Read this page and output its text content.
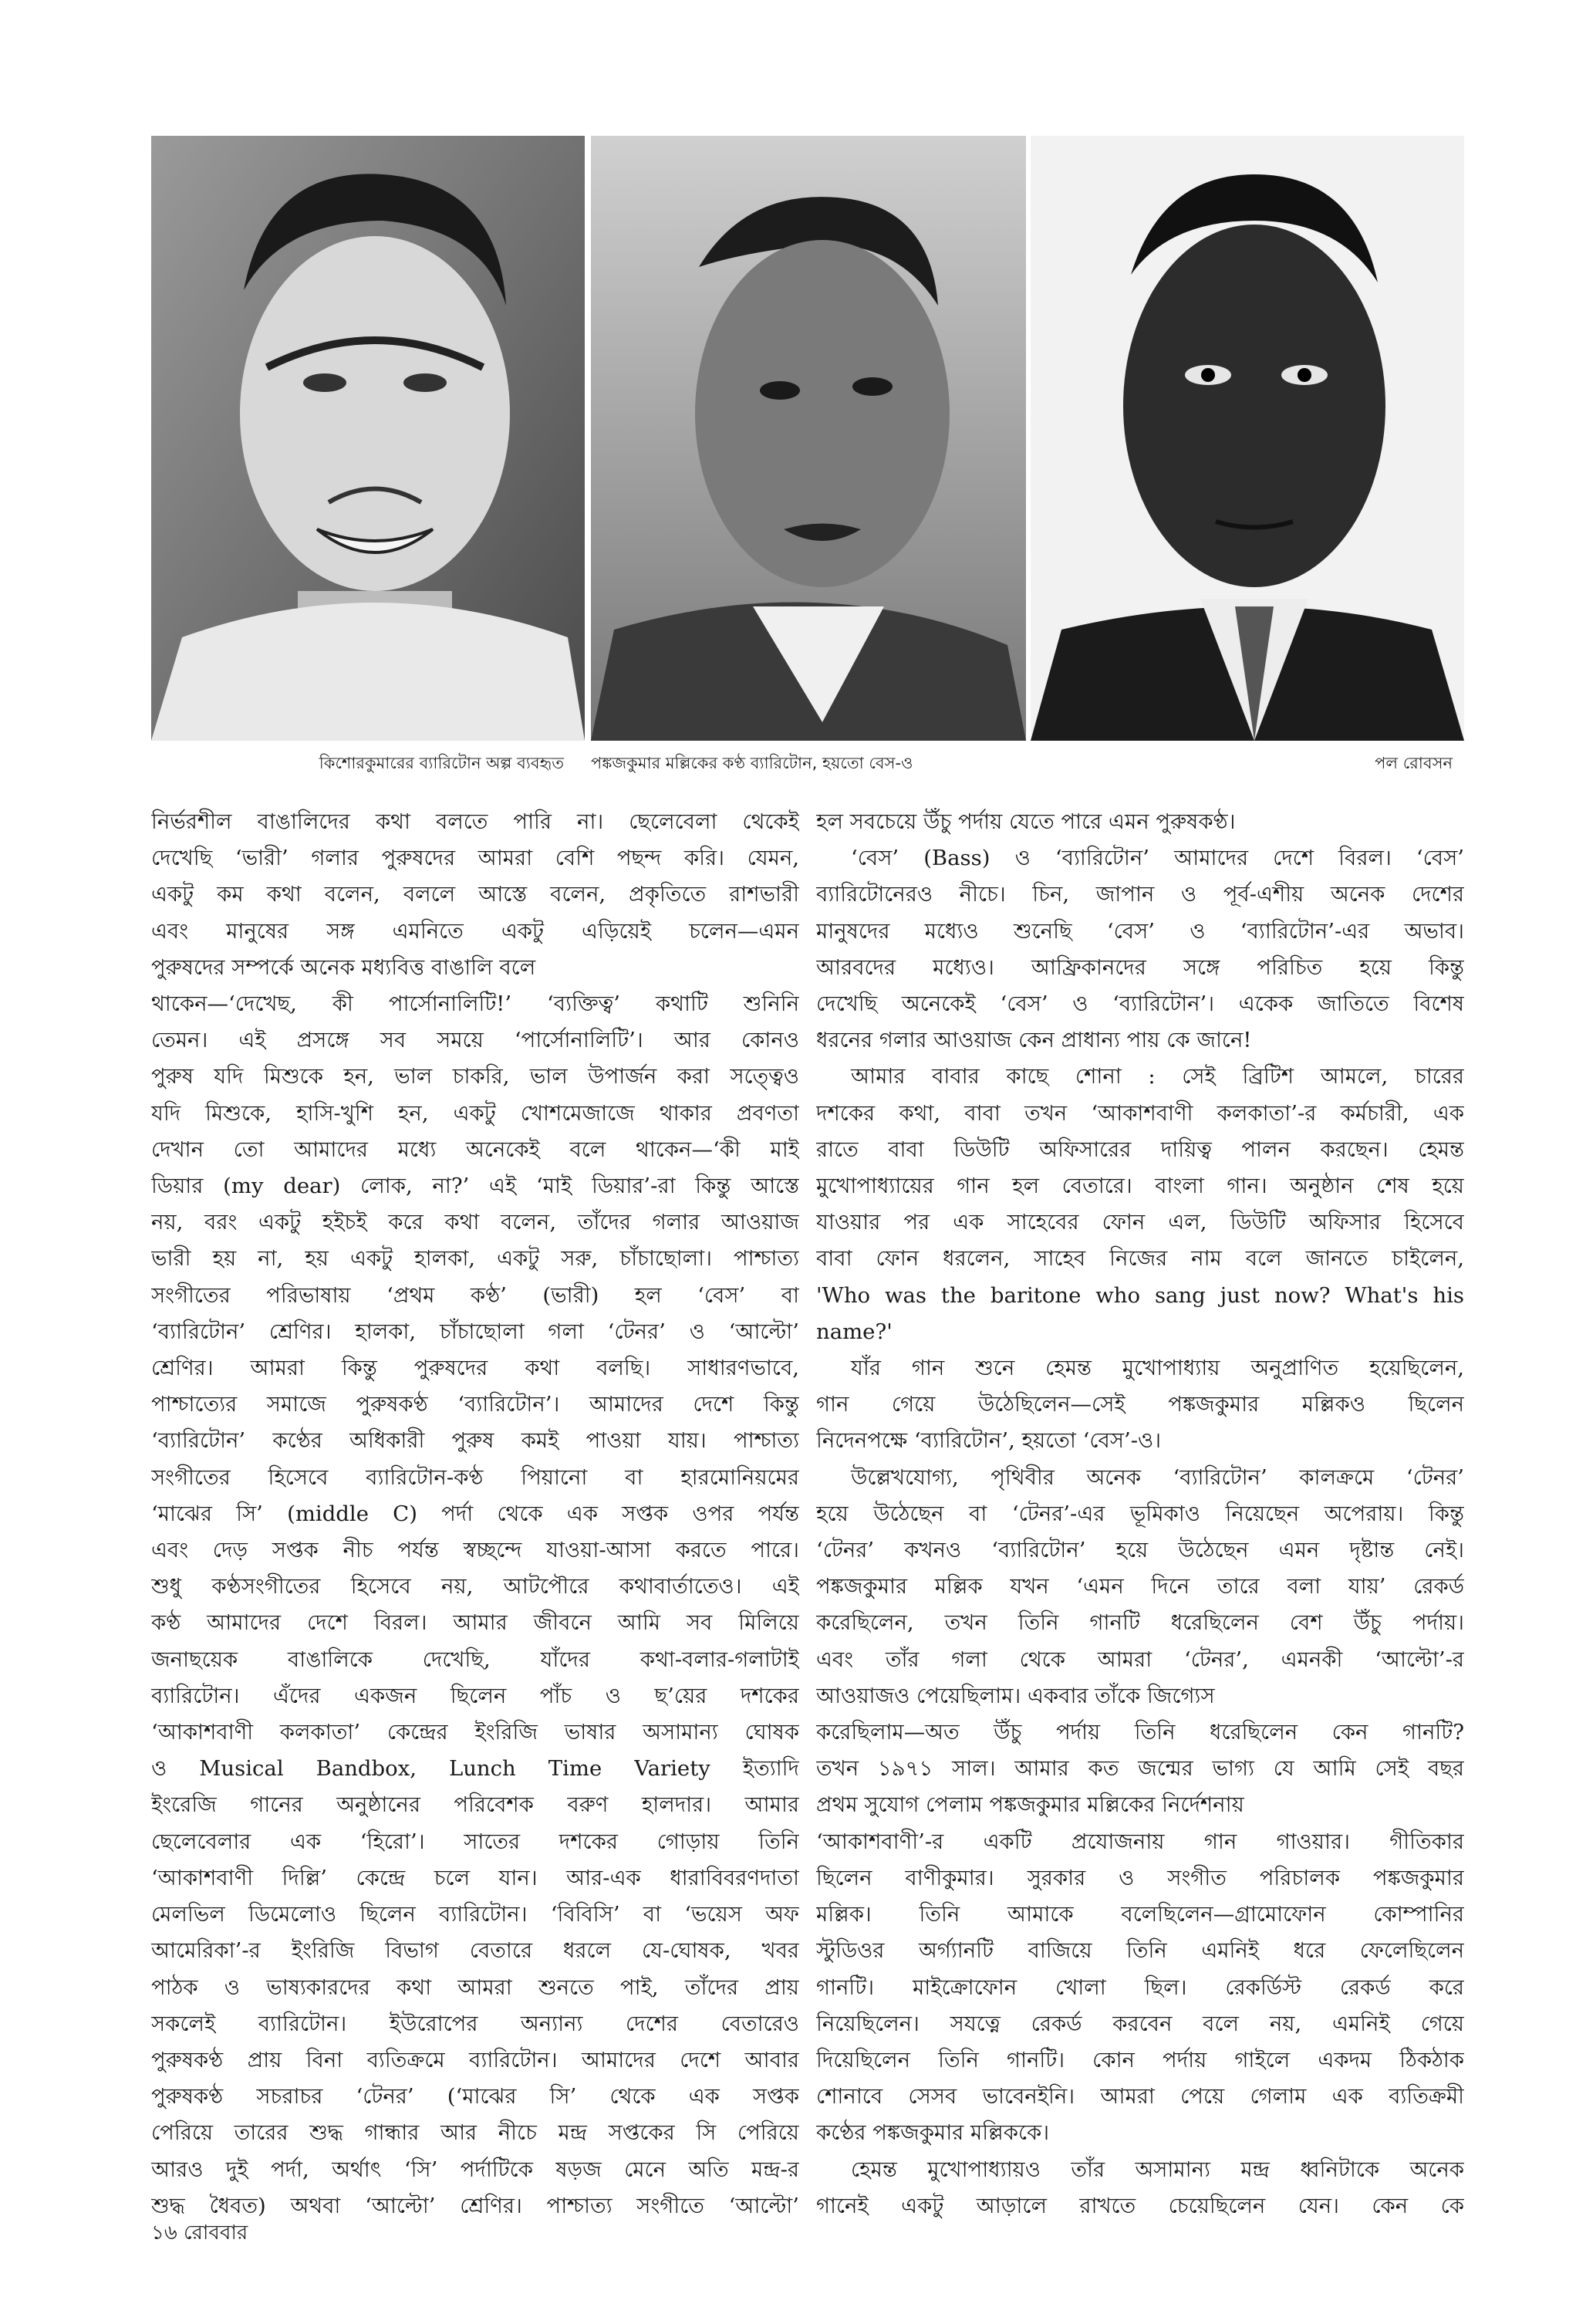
কিশোরকুমারের ব্যারিটোন অল্প ব্যবহৃত পঙ্কজকুমার মল্লিকের কণ্ঠ ব্যারিটোন, হয়তো বেস-ও	পল রোবসন

নির্ভরশীল বাঙালিদের কথা বলতে পারি না। ছেলেবেলা থেকেই

দেখেছি ‘ভারী’ গলার পুরুষদের আমরা বেশি পছন্দ করি। যেমন,

একটু কম কথা বলেন, বললে আস্তে বলেন, প্রকৃতিতে রাশভারী

এবং মানুষের সঙ্গ এমনিতে একটু এড়িয়েই চলেন—এমন

পুরুষদের সম্পর্কে অনেক মধ্যবিত্ত বাঙালি বলে

থাকেন—‘দেখেছ, কী পার্সোনালিটি!’ ‘ব্যক্তিত্ব’ কথাটি শুনিনি

তেমন। এই প্রসঙ্গে সব সময়ে ‘পার্সোনালিটি’। আর কোনও

পুরুষ যদি মিশুকে হন, ভাল চাকরি, ভাল উপার্জন করা সত্ত্বেও

যদি মিশুকে, হাসি-খুশি হন, একটু খোশমেজাজে থাকার প্রবণতা

দেখান তো আমাদের মধ্যে অনেকেই বলে থাকেন—‘কী মাই

ডিয়ার (my dear) লোক, না?’ এই ‘মাই ডিয়ার’-রা কিন্তু আস্তে

নয়, বরং একটু হইচই করে কথা বলেন, তাঁদের গলার আওয়াজ

ভারী হয় না, হয় একটু হালকা, একটু সরু, চাঁচাছোলা। পাশ্চাত্য

সংগীতের পরিভাষায় ‘প্রথম কণ্ঠ’ (ভারী) হল ‘বেস’ বা

‘ব্যারিটোন’ শ্রেণির। হালকা, চাঁচাছোলা গলা ‘টেনর’ ও ‘আল্টো’

শ্রেণির। আমরা কিন্তু পুরুষদের কথা বলছি। সাধারণভাবে,

পাশ্চাত্যের সমাজে পুরুষকণ্ঠ ‘ব্যারিটোন’। আমাদের দেশে কিন্তু

‘ব্যারিটোন’ কণ্ঠের অধিকারী পুরুষ কমই পাওয়া যায়। পাশ্চাত্য

সংগীতের হিসেবে ব্যারিটোন-কণ্ঠ পিয়ানো বা হারমোনিয়মের

‘মাঝের সি’ (middle C) পর্দা থেকে এক সপ্তক ওপর পর্যন্ত

এবং দেড় সপ্তক নীচ পর্যন্ত স্বচ্ছন্দে যাওয়া-আসা করতে পারে।

শুধু কণ্ঠসংগীতের হিসেবে নয়, আটপৌরে কথাবার্তাতেও। এই

কণ্ঠ আমাদের দেশে বিরল। আমার জীবনে আমি সব মিলিয়ে

জনাছয়েক বাঙালিকে দেখেছি, যাঁদের কথা-বলার-গলাটাই

ব্যারিটোন। এঁদের একজন ছিলেন পাঁচ ও ছ’য়ের দশকের

‘আকাশবাণী কলকাতা’ কেন্দ্রের ইংরিজি ভাষার অসামান্য ঘোষক

ও Musical Bandbox, Lunch Time Variety ইত্যাদি

ইংরেজি গানের অনুষ্ঠানের পরিবেশক বরুণ হালদার। আমার

ছেলেবেলার এক ‘হিরো’। সাতের দশকের গোড়ায় তিনি

‘আকাশবাণী দিল্লি’ কেন্দ্রে চলে যান। আর-এক ধারাবিবরণদাতা

মেলভিল ডিমেলোও ছিলেন ব্যারিটোন। ‘বিবিসি’ বা ‘ভয়েস অফ

আমেরিকা’-র ইংরিজি বিভাগ বেতারে ধরলে যে-ঘোষক, খবর

পাঠক ও ভাষ্যকারদের কথা আমরা শুনতে পাই, তাঁদের প্রায়

সকলেই ব্যারিটোন। ইউরোপের অন্যান্য দেশের বেতারেও

পুরুষকণ্ঠ প্রায় বিনা ব্যতিক্রমে ব্যারিটোন। আমাদের দেশে আবার

পুরুষকণ্ঠ সচরাচর ‘টেনর’ (‘মাঝের সি’ থেকে এক সপ্তক

পেরিয়ে তারের শুদ্ধ গান্ধার আর নীচে মন্দ্র সপ্তকের সি পেরিয়ে

আরও দুই পর্দা, অর্থাৎ ‘সি’ পর্দাটিকে ষড়জ মেনে অতি মন্দ্র-র

শুদ্ধ ধৈবত) অথবা ‘আল্টো’ শ্রেণির। পাশ্চাত্য সংগীতে ‘আল্টো’

হল সবচেয়ে উঁচু পর্দায় যেতে পারে এমন পুরুষকণ্ঠ।

‘বেস’ (Bass) ও ‘ব্যারিটোন’ আমাদের দেশে বিরল। ‘বেস’

ব্যারিটোনেরও নীচে। চিন, জাপান ও পূর্ব-এশীয় অনেক দেশের

মানুষদের মধ্যেও শুনেছি ‘বেস’ ও ‘ব্যারিটোন’-এর অভাব।

আরবদের মধ্যেও। আফ্রিকানদের সঙ্গে পরিচিত হয়ে কিন্তু

দেখেছি অনেকেই ‘বেস’ ও ‘ব্যারিটোন’। একেক জাতিতে বিশেষ

ধরনের গলার আওয়াজ কেন প্রাধান্য পায় কে জানে!

আমার বাবার কাছে শোনা : সেই ব্রিটিশ আমলে, চারের

দশকের কথা, বাবা তখন ‘আকাশবাণী কলকাতা’-র কর্মচারী, এক

রাতে বাবা ডিউটি অফিসারের দায়িত্ব পালন করছেন। হেমন্ত

মুখোপাধ্যায়ের গান হল বেতারে। বাংলা গান। অনুষ্ঠান শেষ হয়ে

যাওয়ার পর এক সাহেবের ফোন এল, ডিউটি অফিসার হিসেবে

বাবা ফোন ধরলেন, সাহেব নিজের নাম বলে জানতে চাইলেন,

'Who was the baritone who sang just now? What's his

name?'

যাঁর গান শুনে হেমন্ত মুখোপাধ্যায় অনুপ্রাণিত হয়েছিলেন,

গান গেয়ে উঠেছিলেন—সেই পঙ্কজকুমার মল্লিকও ছিলেন

নিদেনপক্ষে ‘ব্যারিটোন’, হয়তো ‘বেস’-ও।

উল্লেখযোগ্য, পৃথিবীর অনেক ‘ব্যারিটোন’ কালক্রমে ‘টেনর’

হয়ে উঠেছেন বা ‘টেনর’-এর ভূমিকাও নিয়েছেন অপেরায়। কিন্তু

‘টেনর’ কখনও ‘ব্যারিটোন’ হয়ে উঠেছেন এমন দৃষ্টান্ত নেই।

পঙ্কজকুমার মল্লিক যখন ‘এমন দিনে তারে বলা যায়’ রেকর্ড

করেছিলেন, তখন তিনি গানটি ধরেছিলেন বেশ উঁচু পর্দায়।

এবং তাঁর গলা থেকে আমরা ‘টেনর’, এমনকী ‘আল্টো’-র

আওয়াজও পেয়েছিলাম। একবার তাঁকে জিগ্যেস

করেছিলাম—অত উঁচু পর্দায় তিনি ধরেছিলেন কেন গানটি?

তখন ১৯৭১ সাল। আমার কত জন্মের ভাগ্য যে আমি সেই বছর

প্রথম সুযোগ পেলাম পঙ্কজকুমার মল্লিকের নির্দেশনায়

‘আকাশবাণী’-র একটি প্রযোজনায় গান গাওয়ার। গীতিকার

ছিলেন বাণীকুমার। সুরকার ও সংগীত পরিচালক পঙ্কজকুমার

মল্লিক। তিনি আমাকে বলেছিলেন—গ্রামোফোন কোম্পানির

স্টুডিওর অর্গ্যানটি বাজিয়ে তিনি এমনিই ধরে ফেলেছিলেন

গানটি। মাইক্রোফোন খোলা ছিল। রেকর্ডিস্ট রেকর্ড করে

নিয়েছিলেন। সযত্নে রেকর্ড করবেন বলে নয়, এমনিই গেয়ে

দিয়েছিলেন তিনি গানটি। কোন পর্দায় গাইলে একদম ঠিকঠাক

শোনাবে সেসব ভাবেনইনি। আমরা পেয়ে গেলাম এক ব্যতিক্রমী

কণ্ঠের পঙ্কজকুমার মল্লিককে।

হেমন্ত মুখোপাধ্যায়ও তাঁর অসামান্য মন্দ্র ধ্বনিটাকে অনেক

গানেই একটু আড়ালে রাখতে চেয়েছিলেন যেন। কেন কে

১৬ রোববার
